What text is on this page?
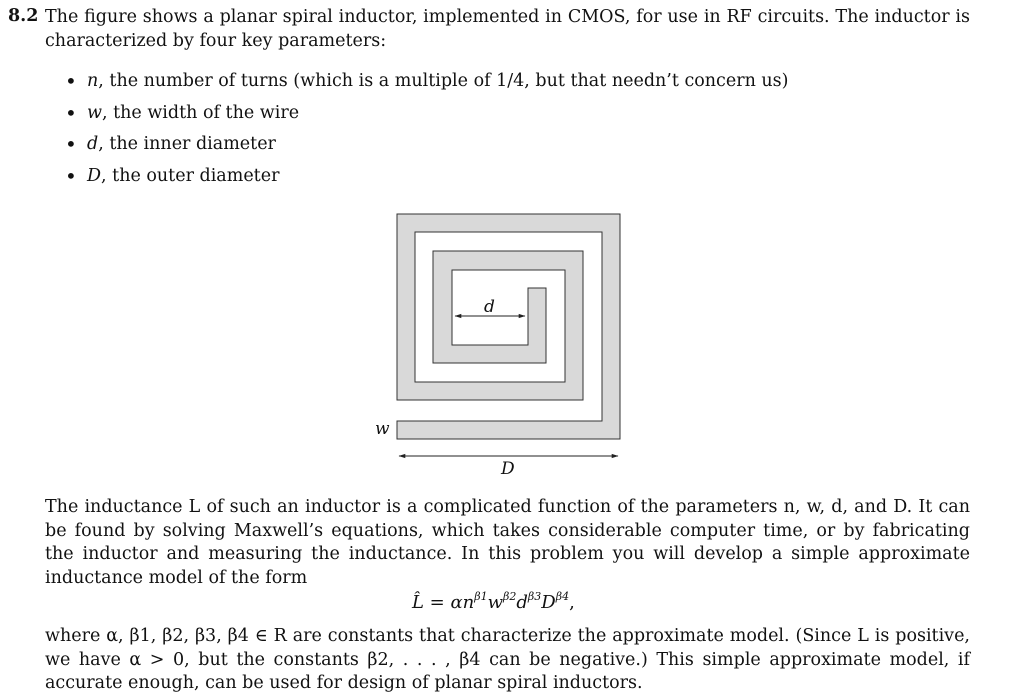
8.2 The figure shows a planar spiral inductor, implemented in CMOS, for use in RF circuits. The inductor is characterized by four key parameters:
• n, the number of turns (which is a multiple of 1/4, but that needn’t concern us)
• w, the width of the wire
• d, the inner diameter
• D, the outer diameter
d
w
D
The inductance L of such an inductor is a complicated function of the parameters n, w, d, and D. It can be found by solving Maxwell’s equations, which takes considerable computer time, or by fabricating the inductor and measuring the inductance. In this problem you will develop a simple approximate inductance model of the form
L̂ = $\alpha n^{\beta 1}w^{\beta 2}d^{\beta 3}D^{\beta 4}$,
where α, β1, β2, β3, β4 ∈ R are constants that characterize the approximate model. (Since L is positive, we have α > 0, but the constants β2, . . . , β4 can be negative.) This simple approximate model, if accurate enough, can be used for design of planar spiral inductors.
